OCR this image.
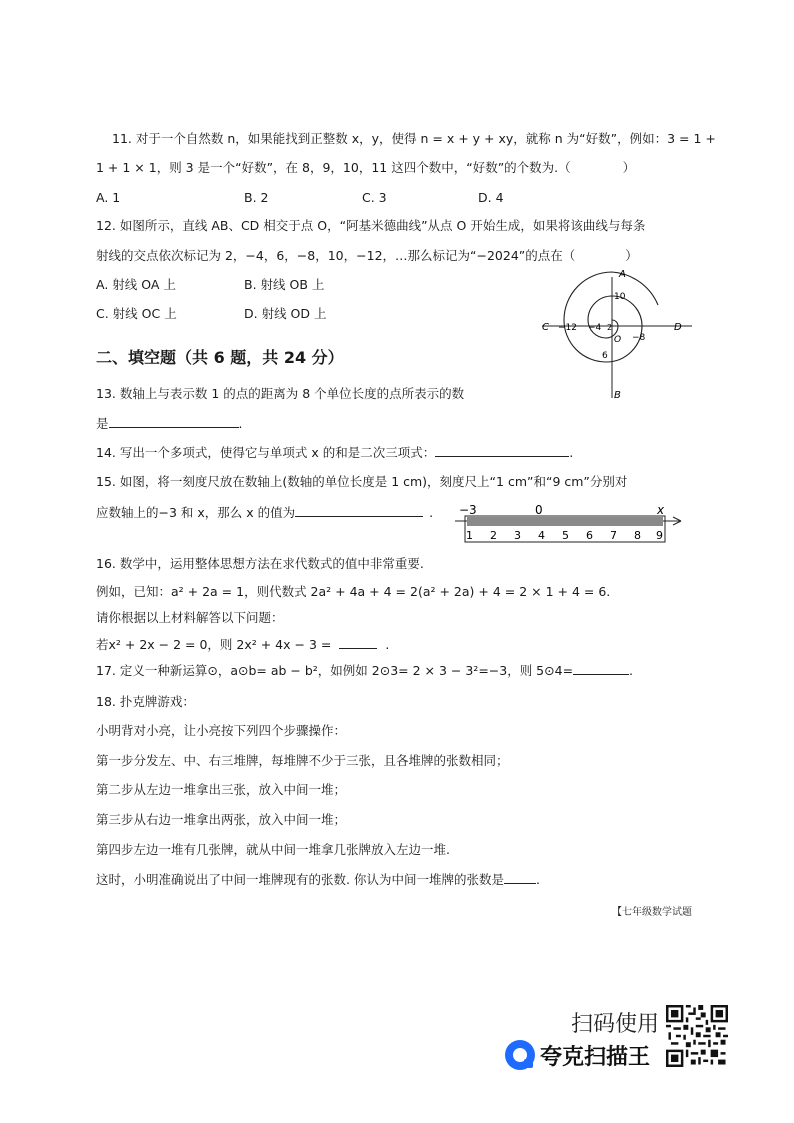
11. 对于一个自然数 n，如果能找到正整数 x，y，使得 n = x + y + xy，就称 n 为“好数”，例如：3 = 1 +
1 + 1 × 1，则 3 是一个“好数”，在 8，9，10，11 这四个数中，“好数”的个数为.（	）
A. 1	B. 2	C. 3	D. 4
12. 如图所示，直线 AB、CD 相交于点 O，“阿基米德曲线”从点 O 开始生成，如果将该曲线与每条
射线的交点依次标记为 2，−4，6，−8，10，−12，…那么标记为“−2024”的点在（	）
A. 射线 OA 上	B. 射线 OB 上
C. 射线 OC 上	D. 射线 OD 上
A
B
C	D
O
10
−12 −4 2
−8
6
二、填空题（共 6 题，共 24 分）
13. 数轴上与表示数 1 的点的距离为 8 个单位长度的点所表示的数
是	.
14. 写出一个多项式，使得它与单项式 x 的和是二次三项式：	.
15. 如图，将一刻度尺放在数轴上(数轴的单位长度是 1 cm)，刻度尺上“1 cm”和“9 cm”分别对
应数轴上的−3 和 x，那么 x 的值为	. −3	0	x
1 2 3 4 5 6 7 8 9
16. 数学中，运用整体思想方法在求代数式的值中非常重要.
例如，已知：a² + 2a = 1，则代数式 2a² + 4a + 4 = 2(a² + 2a) + 4 = 2 × 1 + 4 = 6.
请你根据以上材料解答以下问题：
若x² + 2x − 2 = 0，则 2x² + 4x − 3 =	.
17. 定义一种新运算⊙，a⊙b= ab − b²，如例如 2⊙3= 2 × 3 − 3²=−3，则 5⊙4=	.
18. 扑克牌游戏：
小明背对小亮，让小亮按下列四个步骤操作：
第一步分发左、中、右三堆牌，每堆牌不少于三张，且各堆牌的张数相同；
第二步从左边一堆拿出三张，放入中间一堆；
第三步从右边一堆拿出两张，放入中间一堆；
第四步左边一堆有几张牌，就从中间一堆拿几张牌放入左边一堆.
这时，小明准确说出了中间一堆牌现有的张数. 你认为中间一堆牌的张数是	.
【七年级数学试题
扫码使用
夸克扫描王
